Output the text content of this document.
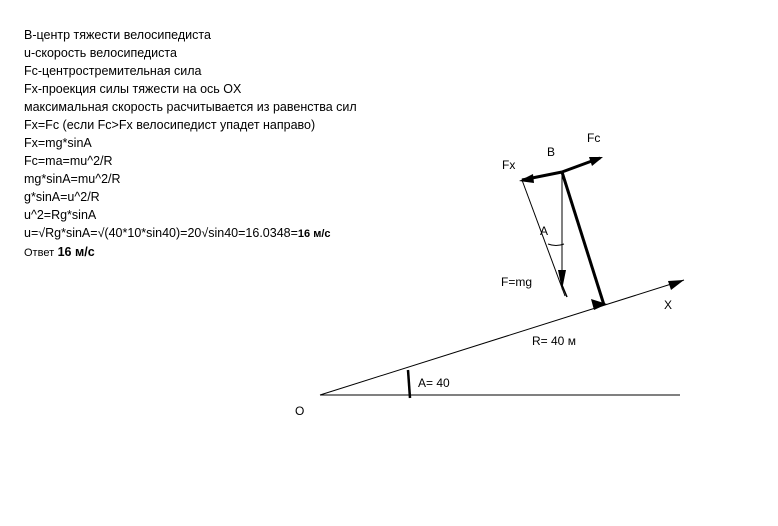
B-центр тяжести велосипедиста
u-скорость велосипедиста
Fc-центростремительная сила
Fx-проекция силы тяжести на ось OX
максимальная скорость расчитывается из равенства сил
Fx=Fc (если Fc>Fx велосипедист упадет направо)
Fx=mg*sinA
Fc=ma=mu^2/R
mg*sinA=mu^2/R
g*sinA=u^2/R
u^2=Rg*sinA
u=√Rg*sinA=√(40*10*sin40)=20√sin40=16.0348=16 м/с
Ответ 16 м/с
Fc
B
Fx
A
F=mg
X
R= 40 м
A= 40
O
